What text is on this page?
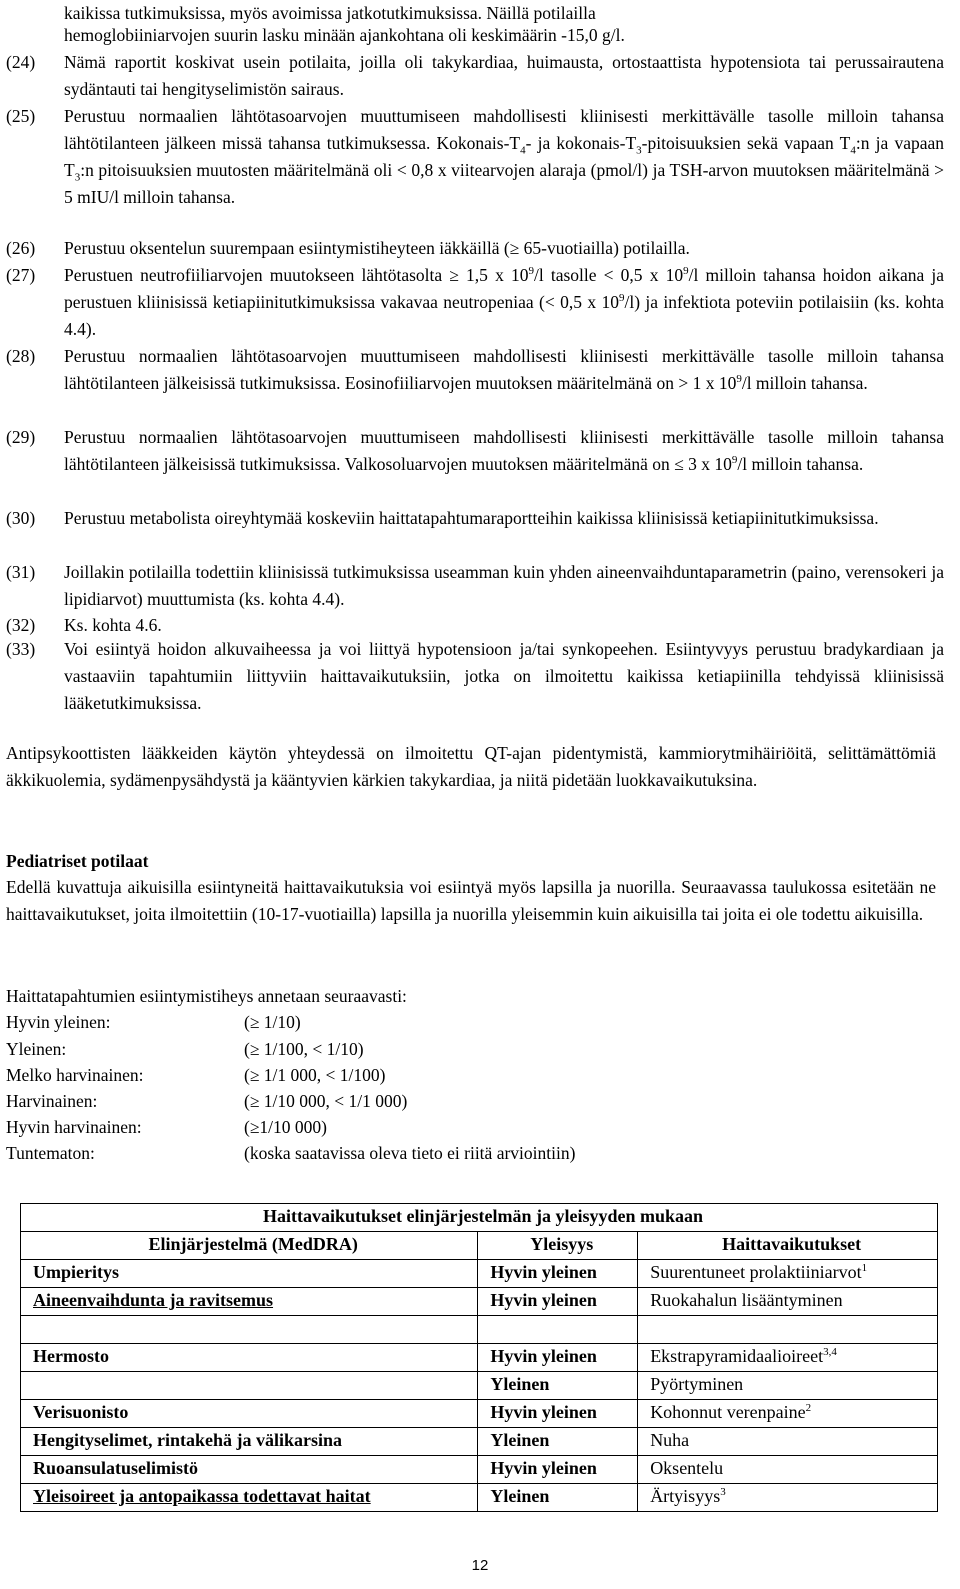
kaikissa tutkimuksissa, myös avoimissa jatkotutkimuksissa. Näillä potilailla
hemoglobiiniarvojen suurin lasku minään ajankohtana oli keskimäärin -15,0 g/l.
(24) Nämä raportit koskivat usein potilaita, joilla oli takykardiaa, huimausta, ortostaattista hypotensiota tai perussairautena sydäntauti tai hengityselimistön sairaus.
(25) Perustuu normaalien lähtötasoarvojen muuttumiseen mahdollisesti kliinisesti merkittävälle tasolle milloin tahansa lähtötilanteen jälkeen missä tahansa tutkimuksessa. Kokonais-$T_4-$ ja kokonais-$T_3$-pitoisuuksien sekä vapaan $T_4:n$ ja vapaan $T_3:n$ pitoisuuksien muutosten määritelmänä oli < 0,8 x viitearvojen alaraja (pmol/l) ja TSH-arvon muutoksen määritelmänä > 5 mIU/l milloin tahansa.
(26) Perustuu oksentelun suurempaan esiintymistiheyteen iäkkäillä (≥ 65-vuotiailla) potilailla.
(27) Perustuen neutrofiiliarvojen muutokseen lähtötasolta ≥ 1,5 x $10^9/l$ tasolle < 0,5 x $10^9/l$ milloin tahansa hoidon aikana ja perustuen kliinisissä ketiapiinitutkimuksissa vakavaa neutropeniaa (< 0,5 x $10^9/l$) ja infektiota poteviin potilaisiin (ks. kohta 4.4).
(28) Perustuu normaalien lähtötasoarvojen muuttumiseen mahdollisesti kliinisesti merkittävälle tasolle milloin tahansa lähtötilanteen jälkeisissä tutkimuksissa. Eosinofiiliarvojen muutoksen määritelmänä on > 1 x $10^9/l$ milloin tahansa.
(29) Perustuu normaalien lähtötasoarvojen muuttumiseen mahdollisesti kliinisesti merkittävälle tasolle milloin tahansa lähtötilanteen jälkeisissä tutkimuksissa. Valkosoluarvojen muutoksen määritelmänä on ≤ 3 x $10^9/l$ milloin tahansa.
(30) Perustuu metabolista oireyhtymää koskeviin haittatapahtumaraportteihin kaikissa kliinisissä ketiapiinitutkimuksissa.
(31) Joillakin potilailla todettiin kliinisissä tutkimuksissa useamman kuin yhden aineenvaihduntaparametrin (paino, verensokeri ja lipidiarvot) muuttumista (ks. kohta 4.4).
(32) Ks. kohta 4.6.
(33) Voi esiintyä hoidon alkuvaiheessa ja voi liittyä hypotensioon ja/tai synkopeehen. Esiintyvyys perustuu bradykardiaan ja vastaaviin tapahtumiin liittyviin haittavaikutuksiin, jotka on ilmoitettu kaikissa ketiapiinilla tehdyissä kliinisissä lääketutkimuksissa.
Antipsykoottisten lääkkeiden käytön yhteydessä on ilmoitettu QT-ajan pidentymistä, kammiorytmihäiriöitä, selittämättömiä äkkikuolemia, sydämenpysähdystä ja kääntyvien kärkien takykardiaa, ja niitä pidetään luokkavaikutuksina.
Pediatriset potilaat
Edellä kuvattuja aikuisilla esiintyneitä haittavaikutuksia voi esiintyä myös lapsilla ja nuorilla. Seuraavassa taulukossa esitetään ne haittavaikutukset, joita ilmoitettiin (10-17-vuotiailla) lapsilla ja nuorilla yleisemmin kuin aikuisilla tai joita ei ole todettu aikuisilla.
Haittatapahtumien esiintymistiheys annetaan seuraavasti:
Hyvin yleinen:	(≥ 1/10)
Yleinen:	(≥ 1/100, < 1/10)
Melko harvinainen:	(≥ 1/1 000, < 1/100)
Harvinainen:	(≥ 1/10 000, < 1/1 000)
Hyvin harvinainen:	(≥1/10 000)
Tuntematon:	(koska saatavissa oleva tieto ei riitä arviointiin)
Haittavaikutukset elinjärjestelmän ja yleisyyden mukaan		
Elinjärjestelmä (MedDRA)	Yleisyys	Haittavaikutukset
Umpieritys	Hyvin yleinen	Suurentuneet prolaktiiniarvot$^1$
Aineenvaihdunta ja ravitsemus	Hyvin yleinen	Ruokahalun lisääntyminen

Hermosto	Hyvin yleinen	Ekstrapyramidaalioireet$^{3,4}$
	Yleinen	Pyörtyminen
Verisuonisto	Hyvin yleinen	Kohonnut verenpaine$^2$
Hengityselimet, rintakehä ja välikarsina	Yleinen	Nuha
Ruoansulatuselimistö	Hyvin yleinen	Oksentelu
Yleisoireet ja antopaikassa todettavat haitat	Yleinen	Ärtyisyys$^3$
12
